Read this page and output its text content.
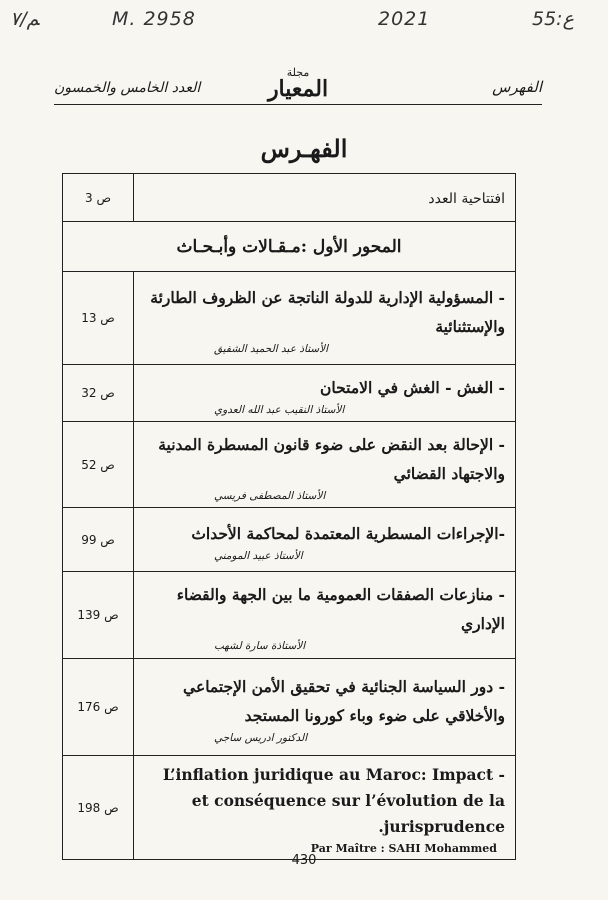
ﻢ/٧	M. 2958	2021	55:ع
الفهرس
مجلة
المعيار
العدد الخامس والخمسون
الفهـرس
ص 3	افتتاحية العدد
المحور الأول :مـقـالات وأبـحـاث	
ص 13	- المسؤولية الإدارية للدولة الناتجة عن الظروف الطارئة والإستثنائية
الأستاذ عبد الحميد الشفيق

ص 32	- الغش - الغش في الامتحان
الأستاذ النقيب عبد الله العدوي

ص 52	- الإحالة بعد النقض على ضوء قانون المسطرة المدنية والاجتهاد القضائي
الأستاذ المصطفى فريسي

ص 99	-الإجراءات المسطرية المعتمدة لمحاكمة الأحداث
الأستاذ عبيد المومني

ص 139	- منازعات الصفقات العمومية ما بين الجهة والقضاء الإداري
الأستاذة سارة لشهب

ص 176	- دور السياسة الجنائية في تحقيق الأمن الإجتماعي والأخلاقي على ضوء وباء كورونا المستجد
الدكتور ادريس ساجي

ص 198	- L’inflation juridique au Maroc: Impact et conséquence sur l’évolution de la jurisprudence.
Par Maître : SAHI Mohammed
430
